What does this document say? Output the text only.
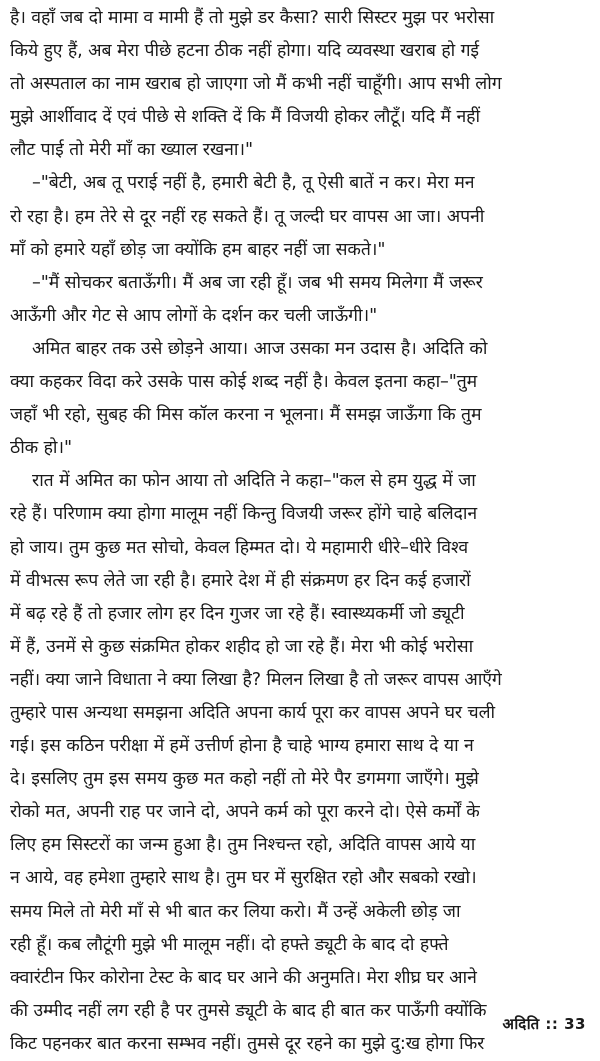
है। वहाँ जब दो मामा व मामी हैं तो मुझे डर कैसा? सारी सिस्टर मुझ पर भरोसा
किये हुए हैं, अब मेरा पीछे हटना ठीक नहीं होगा। यदि व्यवस्था खराब हो गई
तो अस्पताल का नाम खराब हो जाएगा जो मैं कभी नहीं चाहूँगी। आप सभी लोग
मुझे आर्शीवाद दें एवं पीछे से शक्ति दें कि मैं विजयी होकर लौटूँ। यदि मैं नहीं
लौट पाई तो मेरी माँ का ख्याल रखना।"
–"बेटी, अब तू पराई नहीं है, हमारी बेटी है, तू ऐसी बातें न कर। मेरा मन
रो रहा है। हम तेरे से दूर नहीं रह सकते हैं। तू जल्दी घर वापस आ जा। अपनी
माँ को हमारे यहाँ छोड़ जा क्योंकि हम बाहर नहीं जा सकते।"
–"मैं सोचकर बताऊँगी। मैं अब जा रही हूँ। जब भी समय मिलेगा मैं जरूर
आऊँगी और गेट से आप लोगों के दर्शन कर चली जाऊँगी।"
अमित बाहर तक उसे छोड़ने आया। आज उसका मन उदास है। अदिति को
क्या कहकर विदा करे उसके पास कोई शब्द नहीं है। केवल इतना कहा–"तुम
जहाँ भी रहो, सुबह की मिस कॉल करना न भूलना। मैं समझ जाऊँगा कि तुम
ठीक हो।"
रात में अमित का फोन आया तो अदिति ने कहा–"कल से हम युद्ध में जा
रहे हैं। परिणाम क्या होगा मालूम नहीं किन्तु विजयी जरूर होंगे चाहे बलिदान
हो जाय। तुम कुछ मत सोचो, केवल हिम्मत दो। ये महामारी धीरे–धीरे विश्व
में वीभत्स रूप लेते जा रही है। हमारे देश में ही संक्रमण हर दिन कई हजारों
में बढ़ रहे हैं तो हजार लोग हर दिन गुजर जा रहे हैं। स्वास्थ्यकर्मी जो ड्यूटी
में हैं, उनमें से कुछ संक्रमित होकर शहीद हो जा रहे हैं। मेरा भी कोई भरोसा
नहीं। क्या जाने विधाता ने क्या लिखा है? मिलन लिखा है तो जरूर वापस आएँगे
तुम्हारे पास अन्यथा समझना अदिति अपना कार्य पूरा कर वापस अपने घर चली
गई। इस कठिन परीक्षा में हमें उत्तीर्ण होना है चाहे भाग्य हमारा साथ दे या न
दे। इसलिए तुम इस समय कुछ मत कहो नहीं तो मेरे पैर डगमगा जाएँगे। मुझे
रोको मत, अपनी राह पर जाने दो, अपने कर्म को पूरा करने दो। ऐसे कर्मों के
लिए हम सिस्टरों का जन्म हुआ है। तुम निश्चन्त रहो, अदिति वापस आये या
न आये, वह हमेशा तुम्हारे साथ है। तुम घर में सुरक्षित रहो और सबको रखो।
समय मिले तो मेरी माँ से भी बात कर लिया करो। मैं उन्हें अकेली छोड़ जा
रही हूँ। कब लौटूंगी मुझे भी मालूम नहीं। दो हफ्ते ड्यूटी के बाद दो हफ्ते
क्वारंटीन फिर कोरोना टेस्ट के बाद घर आने की अनुमति। मेरा शीघ्र घर आने
की उम्मीद नहीं लग रही है पर तुमसे ड्यूटी के बाद ही बात कर पाऊँगी क्योंकि
किट पहनकर बात करना सम्भव नहीं। तुमसे दूर रहने का मुझे दु:ख होगा फिर
अदिति :: 33
